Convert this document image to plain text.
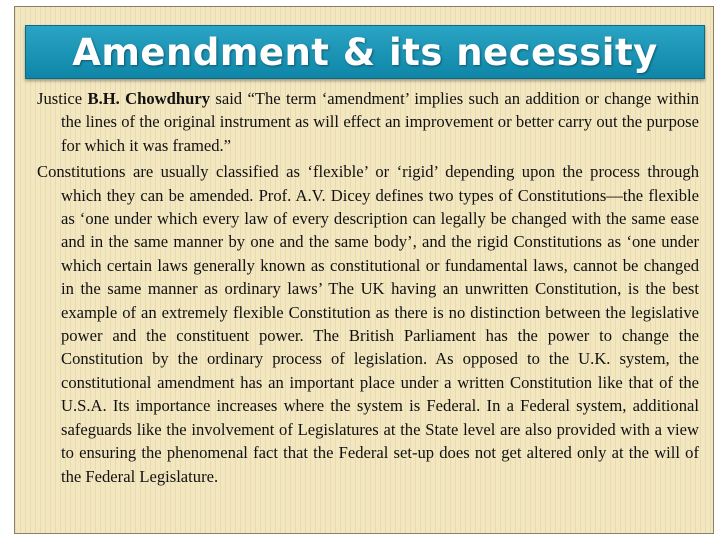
Amendment & its necessity

Justice B.H. Chowdhury said “The term ‘amendment’ implies such an addition or change within the lines of the original instrument as will effect an improvement or better carry out the purpose for which it was framed.”

Constitutions are usually classified as ‘flexible’ or ‘rigid’ depending upon the process through which they can be amended. Prof. A.V. Dicey defines two types of Constitutions—the flexible as ‘one under which every law of every description can legally be changed with the same ease and in the same manner by one and the same body’, and the rigid Constitutions as ‘one under which certain laws generally known as constitutional or fundamental laws, cannot be changed in the same manner as ordinary laws’ The UK having an unwritten Constitution, is the best example of an extremely flexible Constitution as there is no distinction between the legislative power and the constituent power. The British Parliament has the power to change the Constitution by the ordinary process of legislation. As opposed to the U.K. system, the constitutional amendment has an important place under a written Constitution like that of the U.S.A. Its importance increases where the system is Federal. In a Federal system, additional safeguards like the involvement of Legislatures at the State level are also provided with a view to ensuring the phenomenal fact that the Federal set-up does not get altered only at the will of the Federal Legislature.
